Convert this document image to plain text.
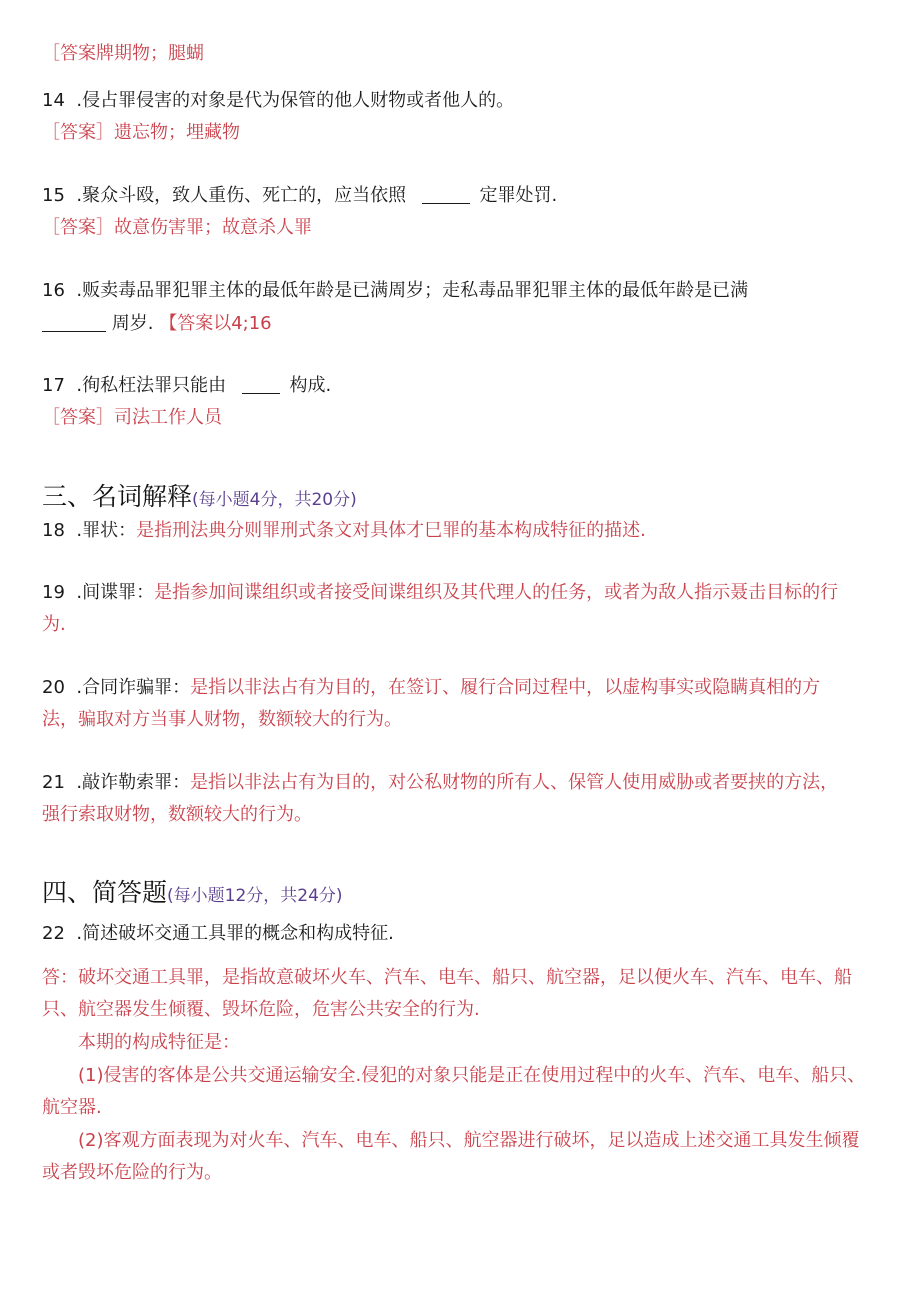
［答案牌期物；腿蝴
14  .侵占罪侵害的对象是代为保管的他人财物或者他人的。
［答案］遗忘物；埋藏物
15  .聚众斗殴，致人重伤、死亡的，应当依照	定罪处罚.
［答案］故意伤害罪；故意杀人罪
16  .贩卖毒品罪犯罪主体的最低年龄是已满周岁；走私毒品罪犯罪主体的最低年龄是已满
周岁. 【答案以4;16
17  .徇私枉法罪只能由	构成.
［答案］司法工作人员
三、名词解释(每小题4分，共20分)
18  .罪状：是指刑法典分则罪刑式条文对具体才巳罪的基本构成特征的描述.
19  .间谍罪：是指参加间谍组织或者接受间谍组织及其代理人的任务，或者为敌人指示聂击目标的行
为.
20  .合同诈骗罪：是指以非法占有为目的，在签订、履行合同过程中，以虚构事实或隐瞒真相的方
法，骗取对方当事人财物，数额较大的行为。
21  .敲诈勒索罪：是指以非法占有为目的，对公私财物的所有人、保管人使用威胁或者要挟的方法，
强行索取财物，数额较大的行为。
四、简答题(每小题12分，共24分)
22  .简述破坏交通工具罪的概念和构成特征.
答：破坏交通工具罪，是指故意破坏火车、汽车、电车、船只、航空器，足以便火车、汽车、电车、船
只、航空器发生倾覆、毁坏危险，危害公共安全的行为.
本期的构成特征是：
(1)侵害的客体是公共交通运输安全.侵犯的对象只能是正在使用过程中的火车、汽车、电车、船只、
航空器.
(2)客观方面表现为对火车、汽车、电车、船只、航空器进行破坏，足以造成上述交通工具发生倾覆
或者毁坏危险的行为。
